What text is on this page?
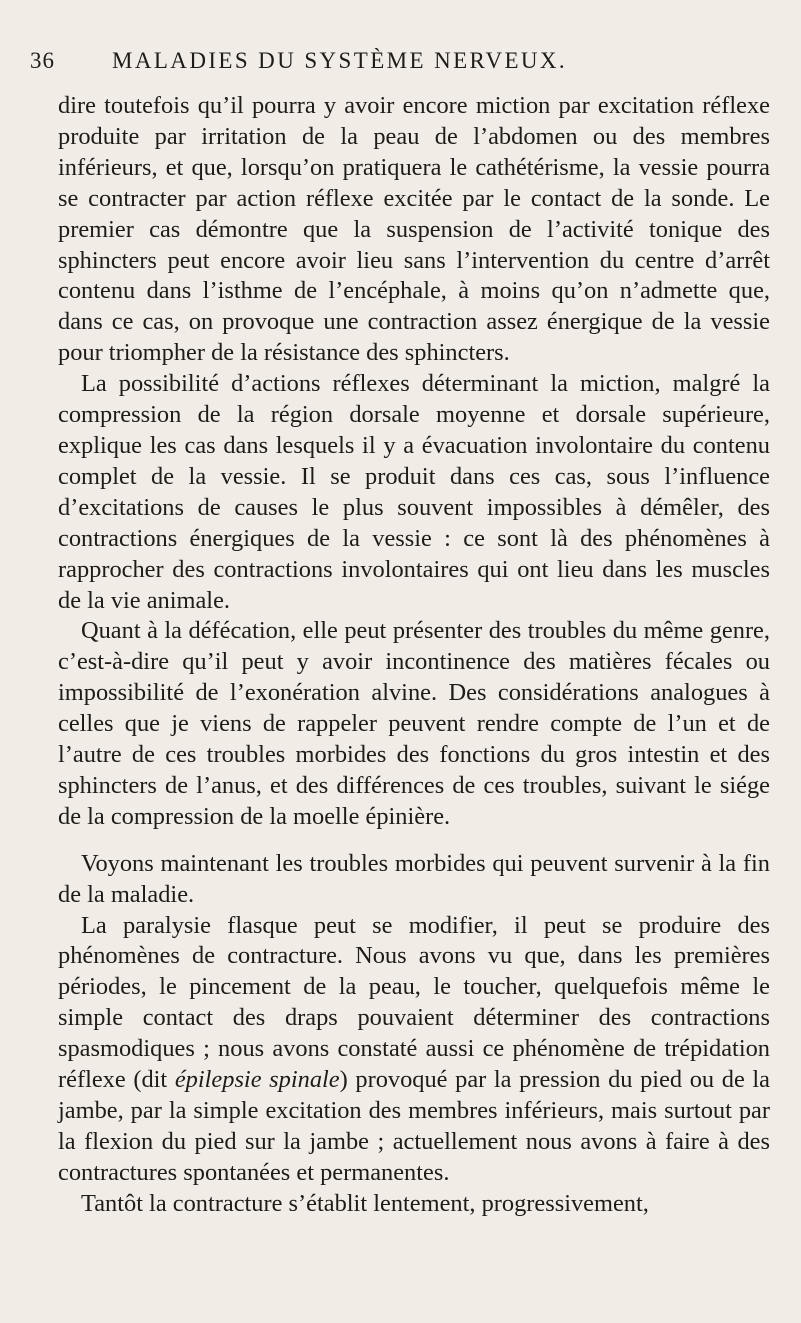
36 MALADIES DU SYSTÈME NERVEUX.

dire toutefois qu’il pourra y avoir encore miction par excitation réflexe produite par irritation de la peau de l’abdomen ou des membres inférieurs, et que, lorsqu’on pratiquera le cathétérisme, la vessie pourra se contracter par action réflexe excitée par le contact de la sonde. Le premier cas démontre que la suspension de l’activité tonique des sphincters peut encore avoir lieu sans l’intervention du centre d’arrêt contenu dans l’isthme de l’encéphale, à moins qu’on n’admette que, dans ce cas, on provoque une contraction assez énergique de la vessie pour triompher de la résistance des sphincters.

La possibilité d’actions réflexes déterminant la miction, malgré la compression de la région dorsale moyenne et dorsale supérieure, explique les cas dans lesquels il y a évacuation involontaire du contenu complet de la vessie. Il se produit dans ces cas, sous l’influence d’excitations de causes le plus souvent impossibles à démêler, des contractions énergiques de la vessie : ce sont là des phénomènes à rapprocher des contractions involontaires qui ont lieu dans les muscles de la vie animale.

Quant à la défécation, elle peut présenter des troubles du même genre, c’est-à-dire qu’il peut y avoir incontinence des matières fécales ou impossibilité de l’exonération alvine. Des considérations analogues à celles que je viens de rappeler peuvent rendre compte de l’un et de l’autre de ces troubles morbides des fonctions du gros intestin et des sphincters de l’anus, et des différences de ces troubles, suivant le siége de la compression de la moelle épinière.

Voyons maintenant les troubles morbides qui peuvent survenir à la fin de la maladie.

La paralysie flasque peut se modifier, il peut se produire des phénomènes de contracture. Nous avons vu que, dans les premières périodes, le pincement de la peau, le toucher, quelquefois même le simple contact des draps pouvaient déterminer des contractions spasmodiques ; nous avons constaté aussi ce phénomène de trépidation réflexe (dit épilepsie spinale) provoqué par la pression du pied ou de la jambe, par la simple excitation des membres inférieurs, mais surtout par la flexion du pied sur la jambe ; actuellement nous avons à faire à des contractures spontanées et permanentes.

Tantôt la contracture s’établit lentement, progressivement,
